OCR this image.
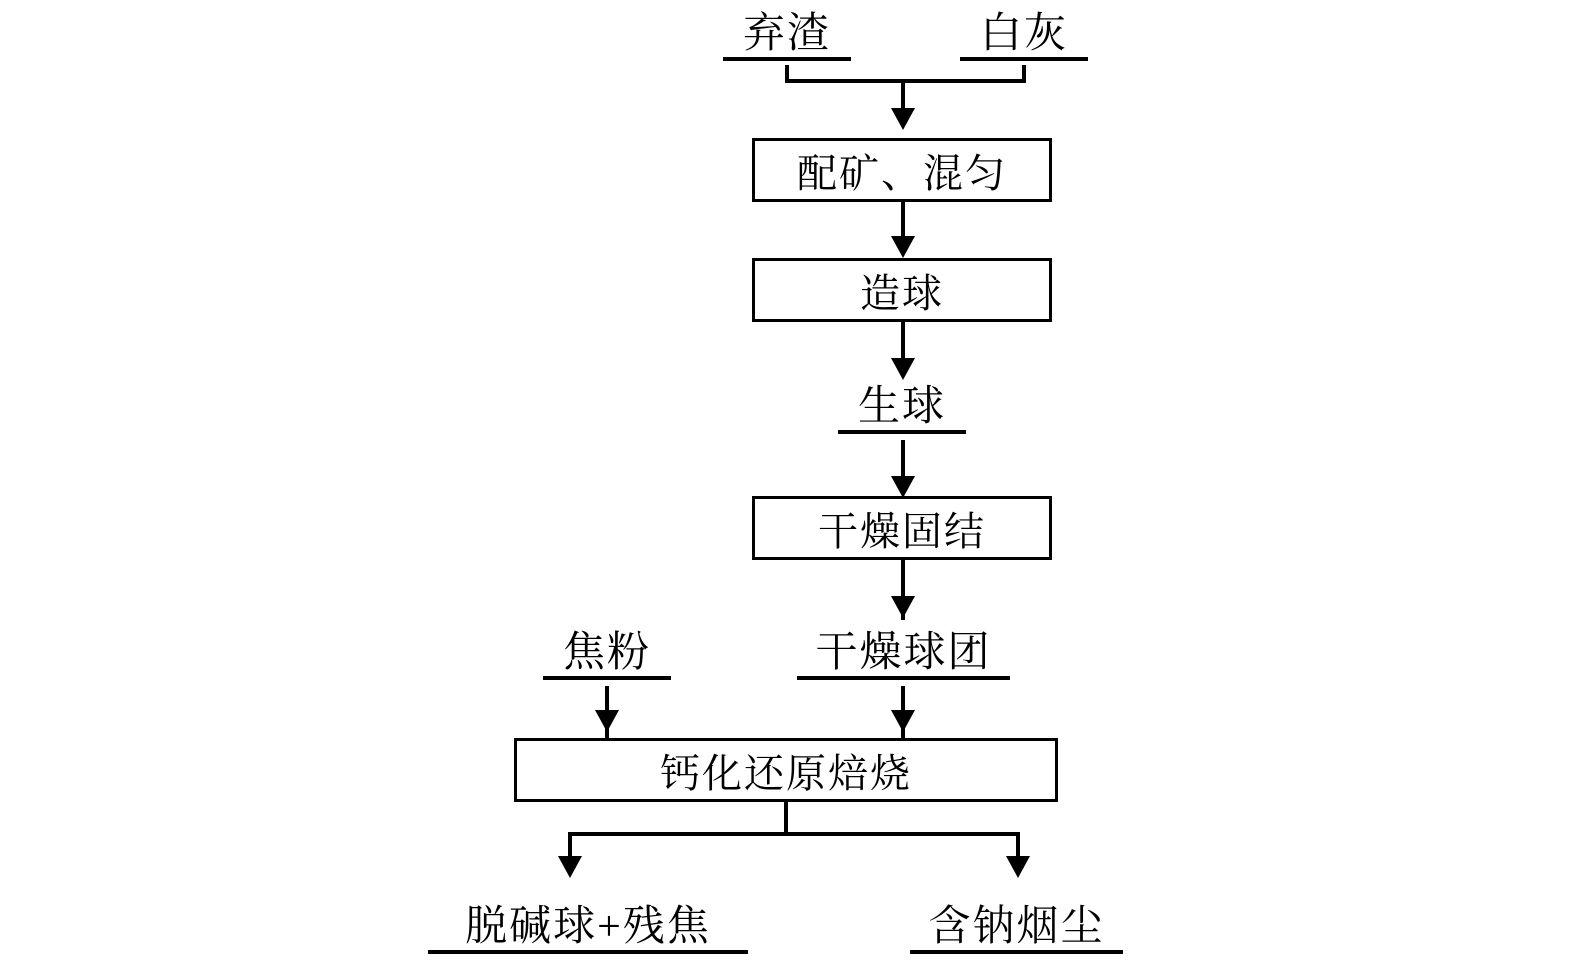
弃渣	白灰
配矿、混匀
造球
生球
干燥固结
焦粉	干燥球团
钙化还原焙烧
脱碱球+残焦	含钠烟尘
